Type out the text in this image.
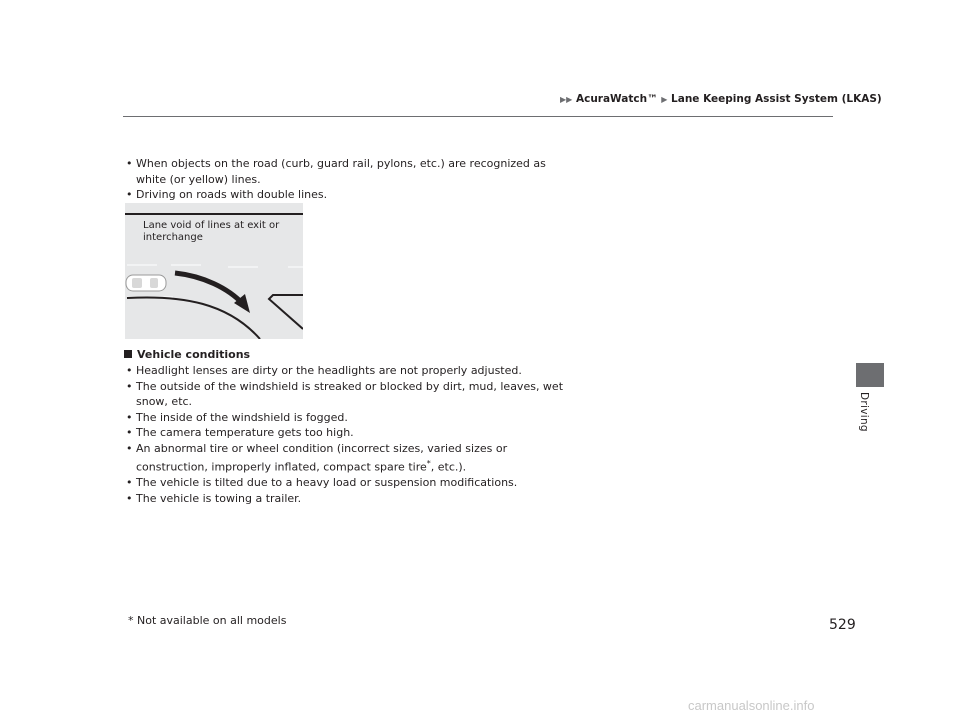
▶▶ AcuraWatch™ ▶ Lane Keeping Assist System (LKAS)
Driving
• When objects on the road (curb, guard rail, pylons, etc.) are recognized as white (or yellow) lines.
• Driving on roads with double lines.
Lane void of lines at exit or interchange
Vehicle conditions
• Headlight lenses are dirty or the headlights are not properly adjusted.
• The outside of the windshield is streaked or blocked by dirt, mud, leaves, wet snow, etc.
• The inside of the windshield is fogged.
• The camera temperature gets too high.
• An abnormal tire or wheel condition (incorrect sizes, varied sizes or construction, improperly inflated, compact spare tire*, etc.).
• The vehicle is tilted due to a heavy load or suspension modifications.
• The vehicle is towing a trailer.
* Not available on all models	529
carmanualsonline.info
